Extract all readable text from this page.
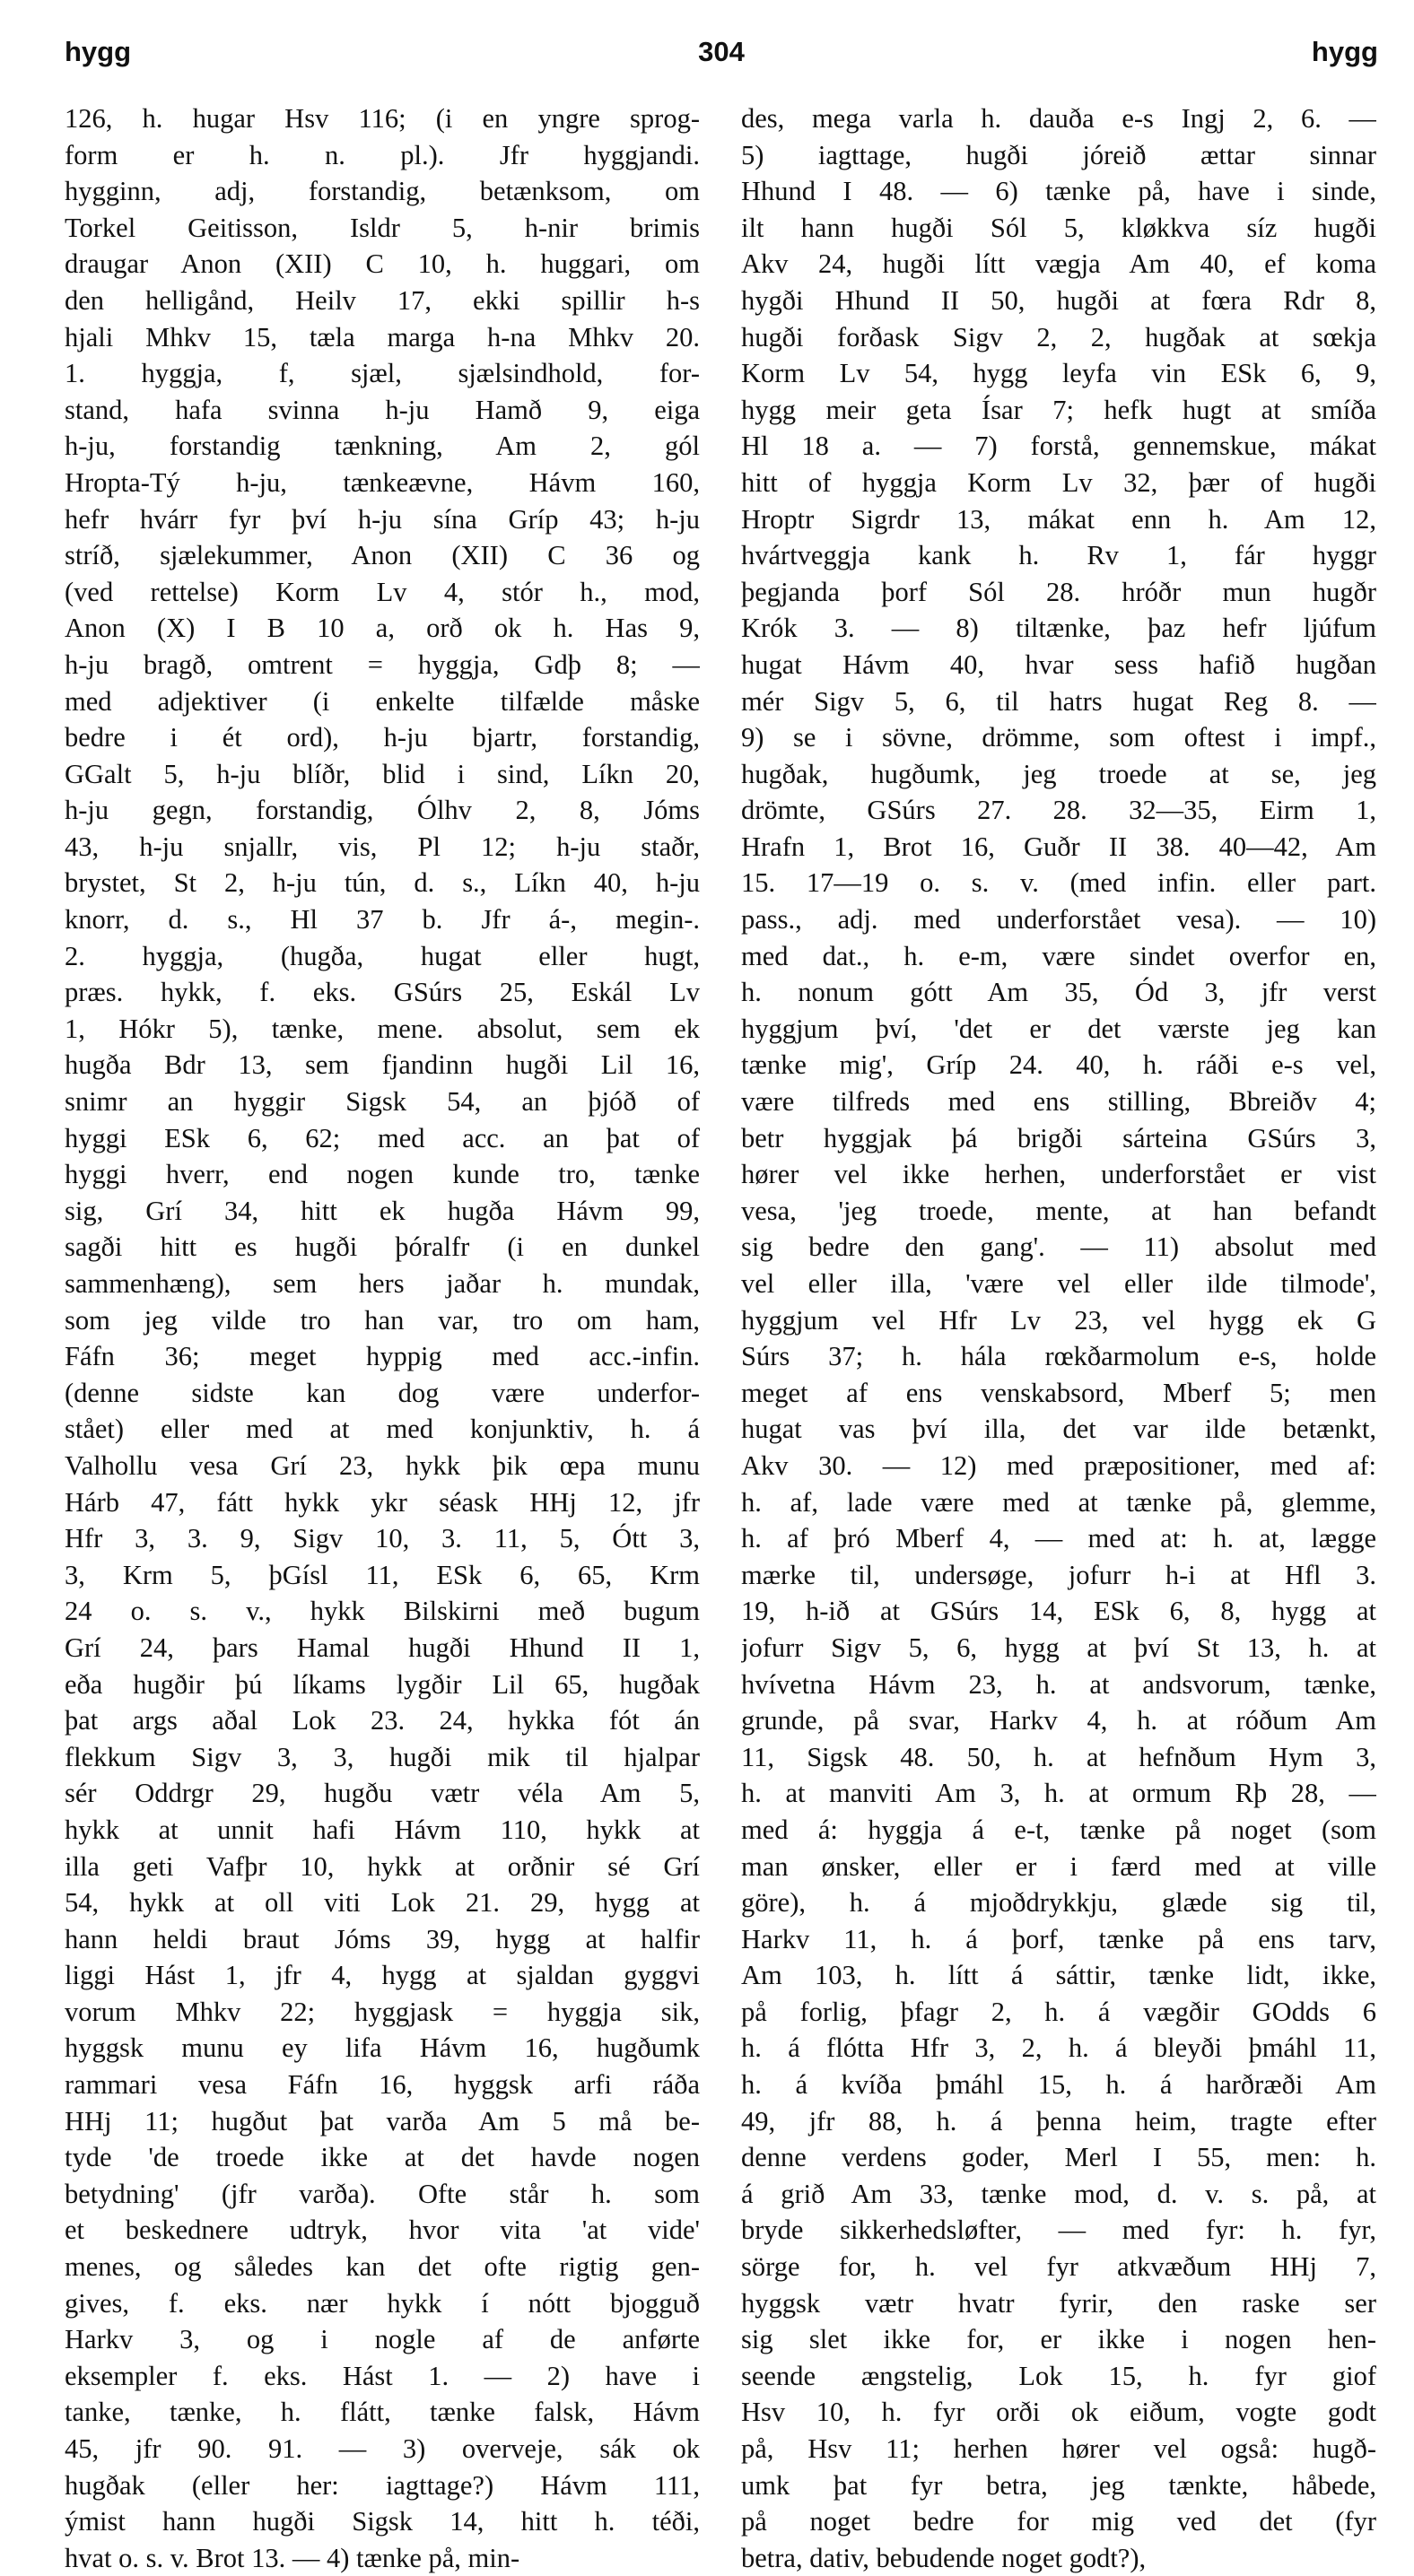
hygg	304	hygg
126, h. hugar Hsv 116; (i en yngre sprog-
form er h. n. pl.). Jfr hyggjandi.
hygginn, adj, forstandig, betænksom, om
Torkel Geitisson, Isldr 5, h-nir brimis
draugar Anon (XII) C 10, h. huggari, om
den helligånd, Heilv 17, ekki spillir h-s
hjali Mhkv 15, tæla marga h-na Mhkv 20.
1. hyggja, f, sjæl, sjælsindhold, for-
stand, hafa svinna h-ju Hamð 9, eiga
h-ju, forstandig tænkning, Am 2, gól
Hropta-Tý h-ju, tænkeævne, Hávm 160,
hefr hvárr fyr því h-ju sína Gríp 43; h-ju
stríð, sjælekummer, Anon (XII) C 36 og
(ved rettelse) Korm Lv 4, stór h., mod,
Anon (X) I B 10 a, orð ok h. Has 9,
h-ju bragð, omtrent = hyggja, Gdþ 8; —
med adjektiver (i enkelte tilfælde måske
bedre i ét ord), h-ju bjartr, forstandig,
GGalt 5, h-ju blíðr, blid i sind, Líkn 20,
h-ju gegn, forstandig, Ólhv 2, 8, Jóms
43, h-ju snjallr, vis, Pl 12; h-ju staðr,
brystet, St 2, h-ju tún, d. s., Líkn 40, h-ju
knorr, d. s., Hl 37 b. Jfr á-, megin-.
2. hyggja, (hugða, hugat eller hugt,
præs. hykk, f. eks. GSúrs 25, Eskál Lv
1, Hókr 5), tænke, mene. absolut, sem ek
hugða Bdr 13, sem fjandinn hugði Lil 16,
snimr an hyggir Sigsk 54, an þjóð of
hyggi ESk 6, 62; med acc. an þat of
hyggi hverr, end nogen kunde tro, tænke
sig, Grí 34, hitt ek hugða Hávm 99,
sagði hitt es hugði þóralfr (i en dunkel
sammenhæng), sem hers jaðar h. mundak,
som jeg vilde tro han var, tro om ham,
Fáfn 36; meget hyppig med acc.-infin.
(denne sidste kan dog være underfor-
stået) eller med at med konjunktiv, h. á
Valhollu vesa Grí 23, hykk þik œpa munu
Hárb 47, fátt hykk ykr séask HHj 12, jfr
Hfr 3, 3. 9, Sigv 10, 3. 11, 5, Ótt 3,
3, Krm 5, þGísl 11, ESk 6, 65, Krm
24 o. s. v., hykk Bilskirni með bugum
Grí 24, þars Hamal hugði Hhund II 1,
eða hugðir þú líkams lygðir Lil 65, hugðak
þat args aðal Lok 23. 24, hykka fót án
flekkum Sigv 3, 3, hugði mik til hjalpar
sér Oddrgr 29, hugðu vætr véla Am 5,
hykk at unnit hafi Hávm 110, hykk at
illa geti Vafþr 10, hykk at orðnir sé Grí
54, hykk at oll viti Lok 21. 29, hygg at
hann heldi braut Jóms 39, hygg at halfir
liggi Hást 1, jfr 4, hygg at sjaldan gyggvi
vorum Mhkv 22; hyggjask = hyggja sik,
hyggsk munu ey lifa Hávm 16, hugðumk
rammari vesa Fáfn 16, hyggsk arfi ráða
HHj 11; hugðut þat varða Am 5 må be-
tyde 'de troede ikke at det havde nogen
betydning' (jfr varða). Ofte står h. som
et beskednere udtryk, hvor vita 'at vide'
menes, og således kan det ofte rigtig gen-
gives, f. eks. nær hykk í nótt bjogguð
Harkv 3, og i nogle af de anførte
eksempler f. eks. Hást 1. — 2) have i
tanke, tænke, h. flátt, tænke falsk, Hávm
45, jfr 90. 91. — 3) overveje, sák ok
hugðak (eller her: iagttage?) Hávm 111,
ýmist hann hugði Sigsk 14, hitt h. téði,
hvat o. s. v. Brot 13. — 4) tænke på, min-
des, mega varla h. dauða e-s Ingj 2, 6. —
5) iagttage, hugði jóreið ættar sinnar
Hhund I 48. — 6) tænke på, have i sinde,
ilt hann hugði Sól 5, kløkkva síz hugði
Akv 24, hugði lítt vægja Am 40, ef koma
hygði Hhund II 50, hugði at fœra Rdr 8,
hugði forðask Sigv 2, 2, hugðak at sœkja
Korm Lv 54, hygg leyfa vin ESk 6, 9,
hygg meir geta Ísar 7; hefk hugt at smíða
Hl 18 a. — 7) forstå, gennemskue, mákat
hitt of hyggja Korm Lv 32, þær of hugði
Hroptr Sigrdr 13, mákat enn h. Am 12,
hvártveggja kank h. Rv 1, fár hyggr
þegjanda þorf Sól 28. hróðr mun hugðr
Krók 3. — 8) tiltænke, þaz hefr ljúfum
hugat Hávm 40, hvar sess hafið hugðan
mér Sigv 5, 6, til hatrs hugat Reg 8. —
9) se i sövne, drömme, som oftest i impf.,
hugðak, hugðumk, jeg troede at se, jeg
drömte, GSúrs 27. 28. 32—35, Eirm 1,
Hrafn 1, Brot 16, Guðr II 38. 40—42, Am
15. 17—19 o. s. v. (med infin. eller part.
pass., adj. med underforstået vesa). — 10)
med dat., h. e-m, være sindet overfor en,
h. nonum gótt Am 35, Ód 3, jfr verst
hyggjum því, 'det er det værste jeg kan
tænke mig', Gríp 24. 40, h. ráði e-s vel,
være tilfreds med ens stilling, Bbreiðv 4;
betr hyggjak þá brigði sárteina GSúrs 3,
hører vel ikke herhen, underforstået er vist
vesa, 'jeg troede, mente, at han befandt
sig bedre den gang'. — 11) absolut med
vel eller illa, 'være vel eller ilde tilmode',
hyggjum vel Hfr Lv 23, vel hygg ek G
Súrs 37; h. hála rœkðarmolum e-s, holde
meget af ens venskabsord, Mberf 5; men
hugat vas því illa, det var ilde betænkt,
Akv 30. — 12) med præpositioner, med af:
h. af, lade være med at tænke på, glemme,
h. af þró Mberf 4, — med at: h. at, lægge
mærke til, undersøge, jofurr h-i at Hfl 3.
19, h-ið at GSúrs 14, ESk 6, 8, hygg at
jofurr Sigv 5, 6, hygg at því St 13, h. at
hvívetna Hávm 23, h. at andsvorum, tænke,
grunde, på svar, Harkv 4, h. at róðum Am
11, Sigsk 48. 50, h. at hefnðum Hym 3,
h. at manviti Am 3, h. at ormum Rþ 28, —
med á: hyggja á e-t, tænke på noget (som
man ønsker, eller er i færd med at ville
göre), h. á mjoðdrykkju, glæde sig til,
Harkv 11, h. á þorf, tænke på ens tarv,
Am 103, h. lítt á sáttir, tænke lidt, ikke,
på forlig, þfagr 2, h. á vægðir GOdds 6
h. á flótta Hfr 3, 2, h. á bleyði þmáhl 11,
h. á kvíða þmáhl 15, h. á harðræði Am
49, jfr 88, h. á þenna heim, tragte efter
denne verdens goder, Merl I 55, men: h.
á grið Am 33, tænke mod, d. v. s. på, at
bryde sikkerhedsløfter, — med fyr: h. fyr,
sörge for, h. vel fyr atkvæðum HHj 7,
hyggsk vætr hvatr fyrir, den raske ser
sig slet ikke for, er ikke i nogen hen-
seende ængstelig, Lok 15, h. fyr giof
Hsv 10, h. fyr orði ok eiðum, vogte godt
på, Hsv 11; herhen hører vel også: hugð-
umk þat fyr betra, jeg tænkte, håbede,
på noget bedre for mig ved det (fyr
betra, dativ, bebudende noget godt?),
